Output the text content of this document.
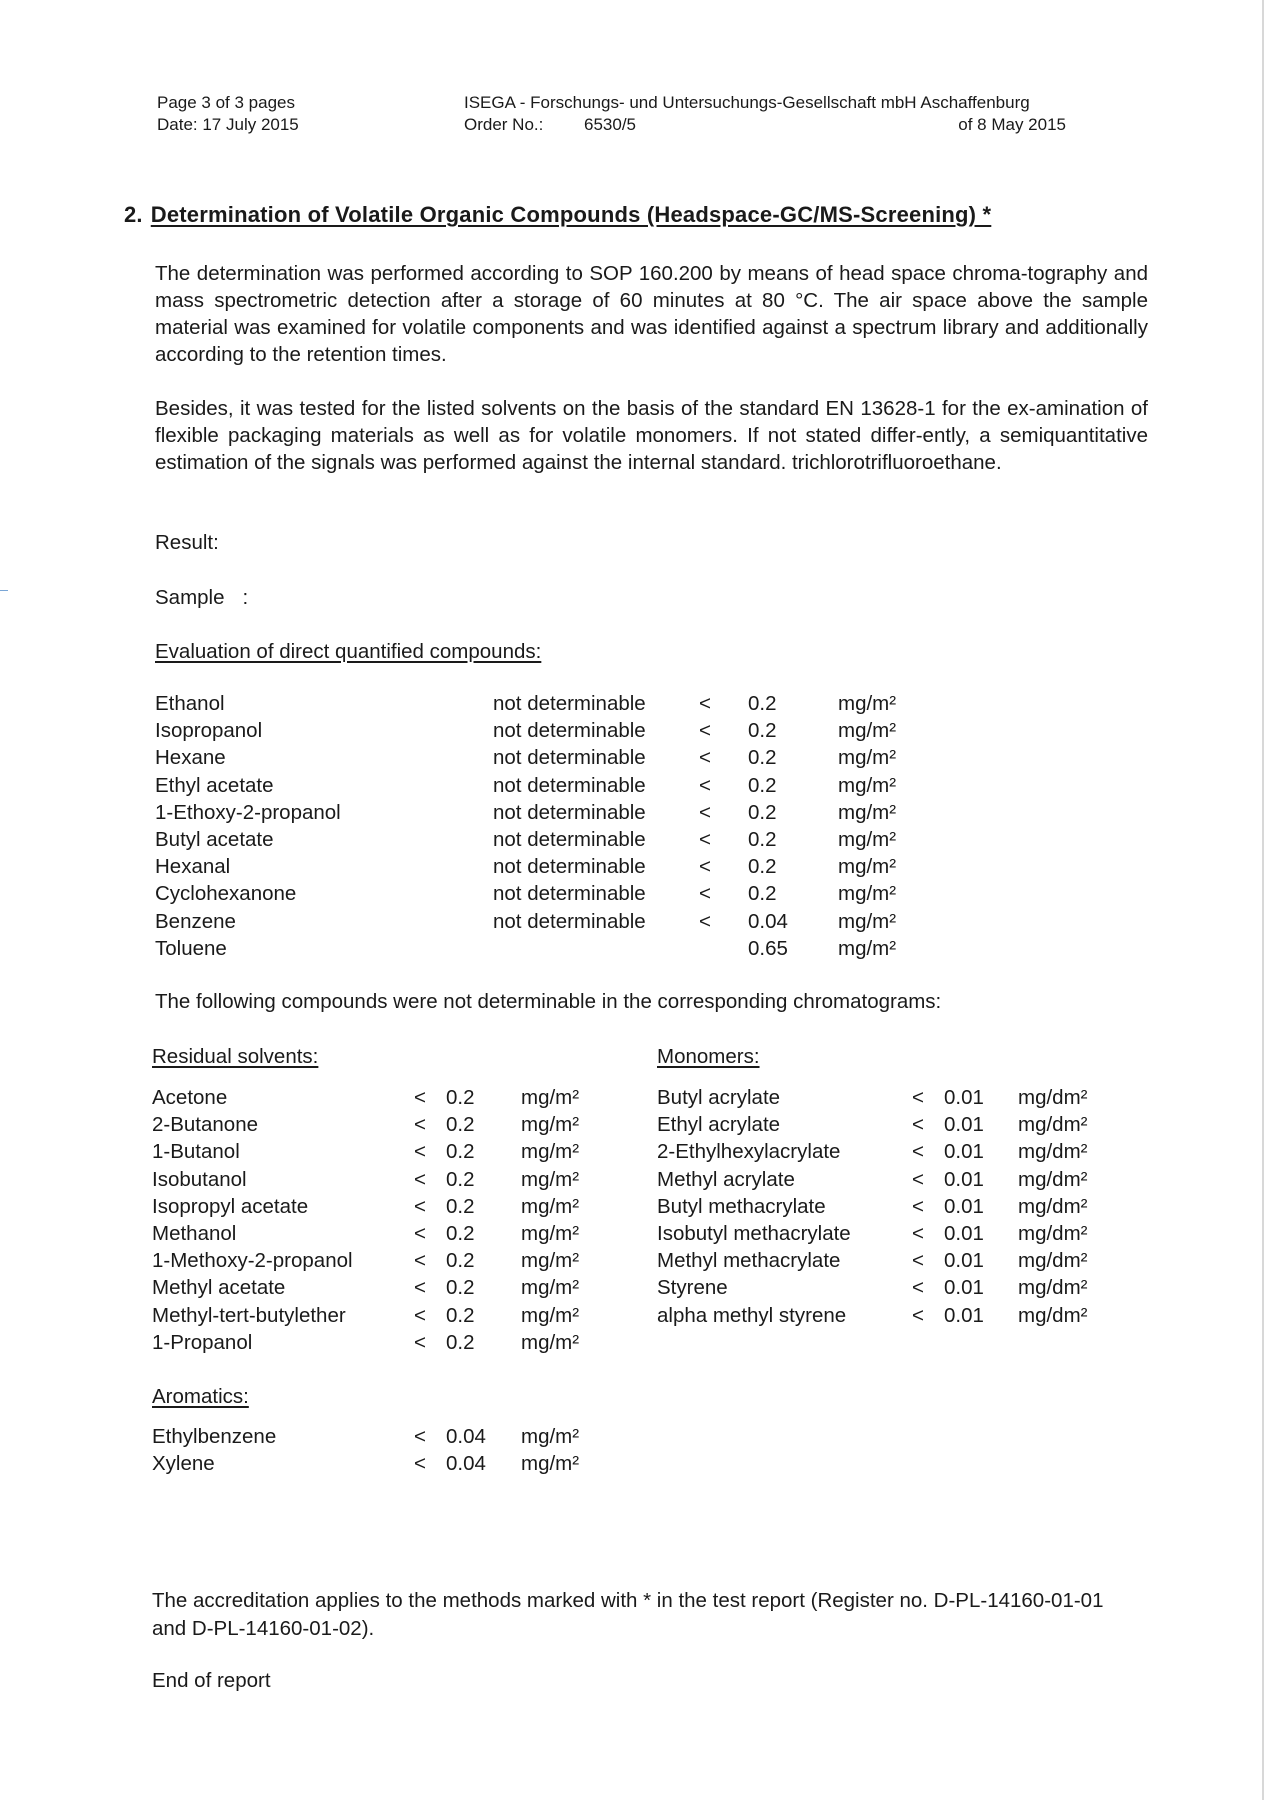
Page 3 of 3 pages
Date: 17 July 2015
ISEGA - Forschungs- und Untersuchungs-Gesellschaft mbH Aschaffenburg
Order No.:	6530/5	of 8 May 2015
2. Determination of Volatile Organic Compounds (Headspace-GC/MS-Screening) *
The determination was performed according to SOP 160.200 by means of head space chroma-tography and mass spectrometric detection after a storage of 60 minutes at 80 °C. The air space above the sample material was examined for volatile components and was identified against a spectrum library and additionally according to the retention times.
Besides, it was tested for the listed solvents on the basis of the standard EN 13628-1 for the ex-amination of flexible packaging materials as well as for volatile monomers. If not stated differ-ently, a semiquantitative estimation of the signals was performed against the internal standard. trichlorotrifluoroethane.
Result:
Sample :
Evaluation of direct quantified compounds:
Ethanol	not determinable	< 0.2	mg/m²
Isopropanol	not determinable	< 0.2	mg/m²
Hexane	not determinable	< 0.2	mg/m²
Ethyl acetate	not determinable	< 0.2	mg/m²
1-Ethoxy-2-propanol	not determinable	< 0.2	mg/m²
Butyl acetate	not determinable	< 0.2	mg/m²
Hexanal	not determinable	< 0.2	mg/m²
Cyclohexanone	not determinable	< 0.2	mg/m²
Benzene	not determinable	< 0.04 mg/m²
Toluene	0.65 mg/m²
The following compounds were not determinable in the corresponding chromatograms:
Residual solvents:
Acetone	< 0.2 mg/m²
2-Butanone	< 0.2 mg/m²
1-Butanol	< 0.2 mg/m²
Isobutanol	< 0.2 mg/m²
Isopropyl acetate	< 0.2 mg/m²
Methanol	< 0.2 mg/m²
1-Methoxy-2-propanol	< 0.2 mg/m²
Methyl acetate	< 0.2 mg/m²
Methyl-tert-butylether	< 0.2 mg/m²
1-Propanol	< 0.2 mg/m²
Monomers:
Butyl acrylate	< 0.01 mg/dm²
Ethyl acrylate	< 0.01 mg/dm²
2-Ethylhexylacrylate	< 0.01 mg/dm²
Methyl acrylate	< 0.01 mg/dm²
Butyl methacrylate	< 0.01 mg/dm²
Isobutyl methacrylate	< 0.01 mg/dm²
Methyl methacrylate	< 0.01 mg/dm²
Styrene	< 0.01 mg/dm²
alpha methyl styrene	< 0.01 mg/dm²
Aromatics:
Ethylbenzene	< 0.04 mg/m²
Xylene	< 0.04 mg/m²
The accreditation applies to the methods marked with * in the test report (Register no. D-PL-14160-01-01 and D-PL-14160-01-02).
End of report
